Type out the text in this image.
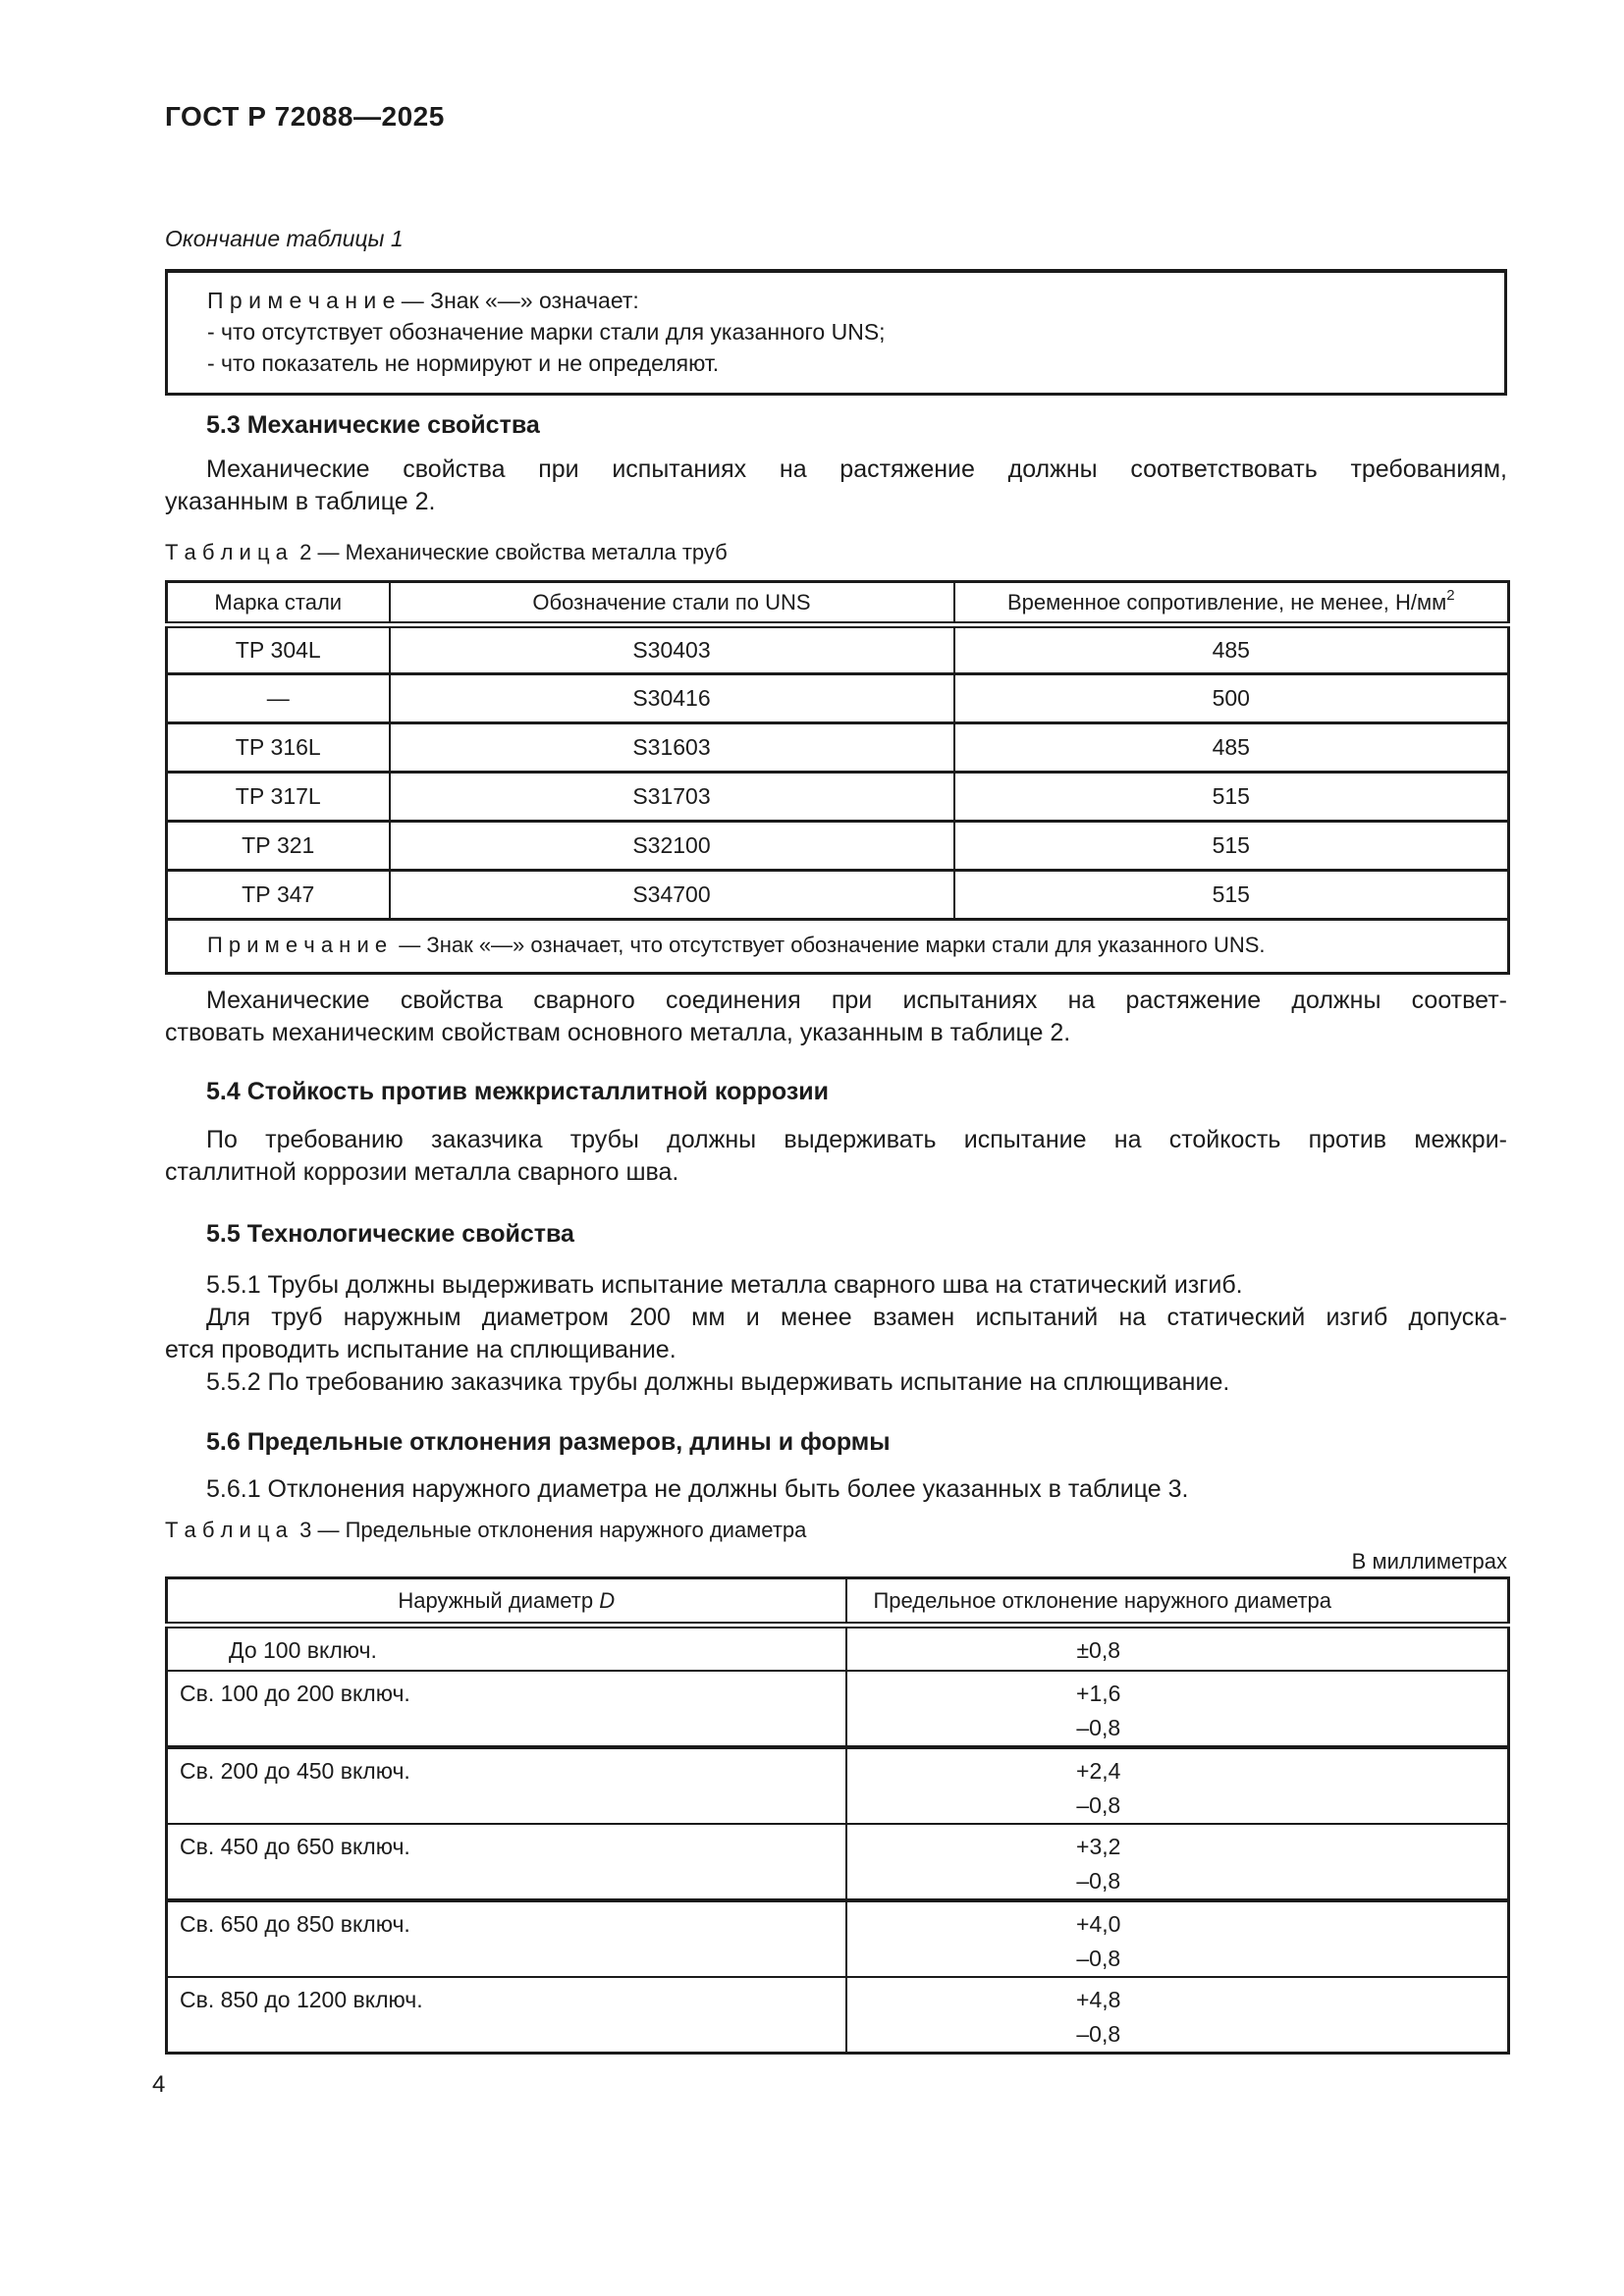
ГОСТ Р 72088—2025
Окончание таблицы 1
П р и м е ч а н и е — Знак «—» означает:
- что отсутствует обозначение марки стали для указанного UNS;
- что показатель не нормируют и не определяют.
5.3 Механические свойства
Механические свойства при испытаниях на растяжение должны соответствовать требованиям,
указанным в таблице 2.
Т а б л и ц а  2 — Механические свойства металла труб
Марка стали	Обозначение стали по UNS	Временное сопротивление, не менее, $Н/мм^2$
ТР 304L	S30403	485
—	S30416	500
ТР 316L	S31603	485
ТР 317L	S31703	515
ТР 321	S32100	515
ТР 347	S34700	515
П р и м е ч а н и е  — Знак «—» означает, что отсутствует обозначение марки стали для указанного UNS.		
Механические свойства сварного соединения при испытаниях на растяжение должны соответ-
ствовать механическим свойствам основного металла, указанным в таблице 2.
5.4 Стойкость против межкристаллитной коррозии
По требованию заказчика трубы должны выдерживать испытание на стойкость против межкри-
сталлитной коррозии металла сварного шва.
5.5 Технологические свойства
5.5.1 Трубы должны выдерживать испытание металла сварного шва на статический изгиб.
Для труб наружным диаметром 200 мм и менее взамен испытаний на статический изгиб допуска-
ется проводить испытание на сплющивание.
5.5.2 По требованию заказчика трубы должны выдерживать испытание на сплющивание.
5.6 Предельные отклонения размеров, длины и формы
5.6.1 Отклонения наружного диаметра не должны быть более указанных в таблице 3.
Т а б л и ц а  3 — Предельные отклонения наружного диаметра
В миллиметрах
Наружный диаметр D	Предельное отклонение наружного диаметра
До 100 включ.	±0,8
Св. 100 до 200 включ.	+1,6
–0,8

Св. 200 до 450 включ.	+2,4
–0,8

Св. 450 до 650 включ.	+3,2
–0,8

Св. 650 до 850 включ.	+4,0
–0,8

Св. 850 до 1200 включ.	+4,8
–0,8
4
